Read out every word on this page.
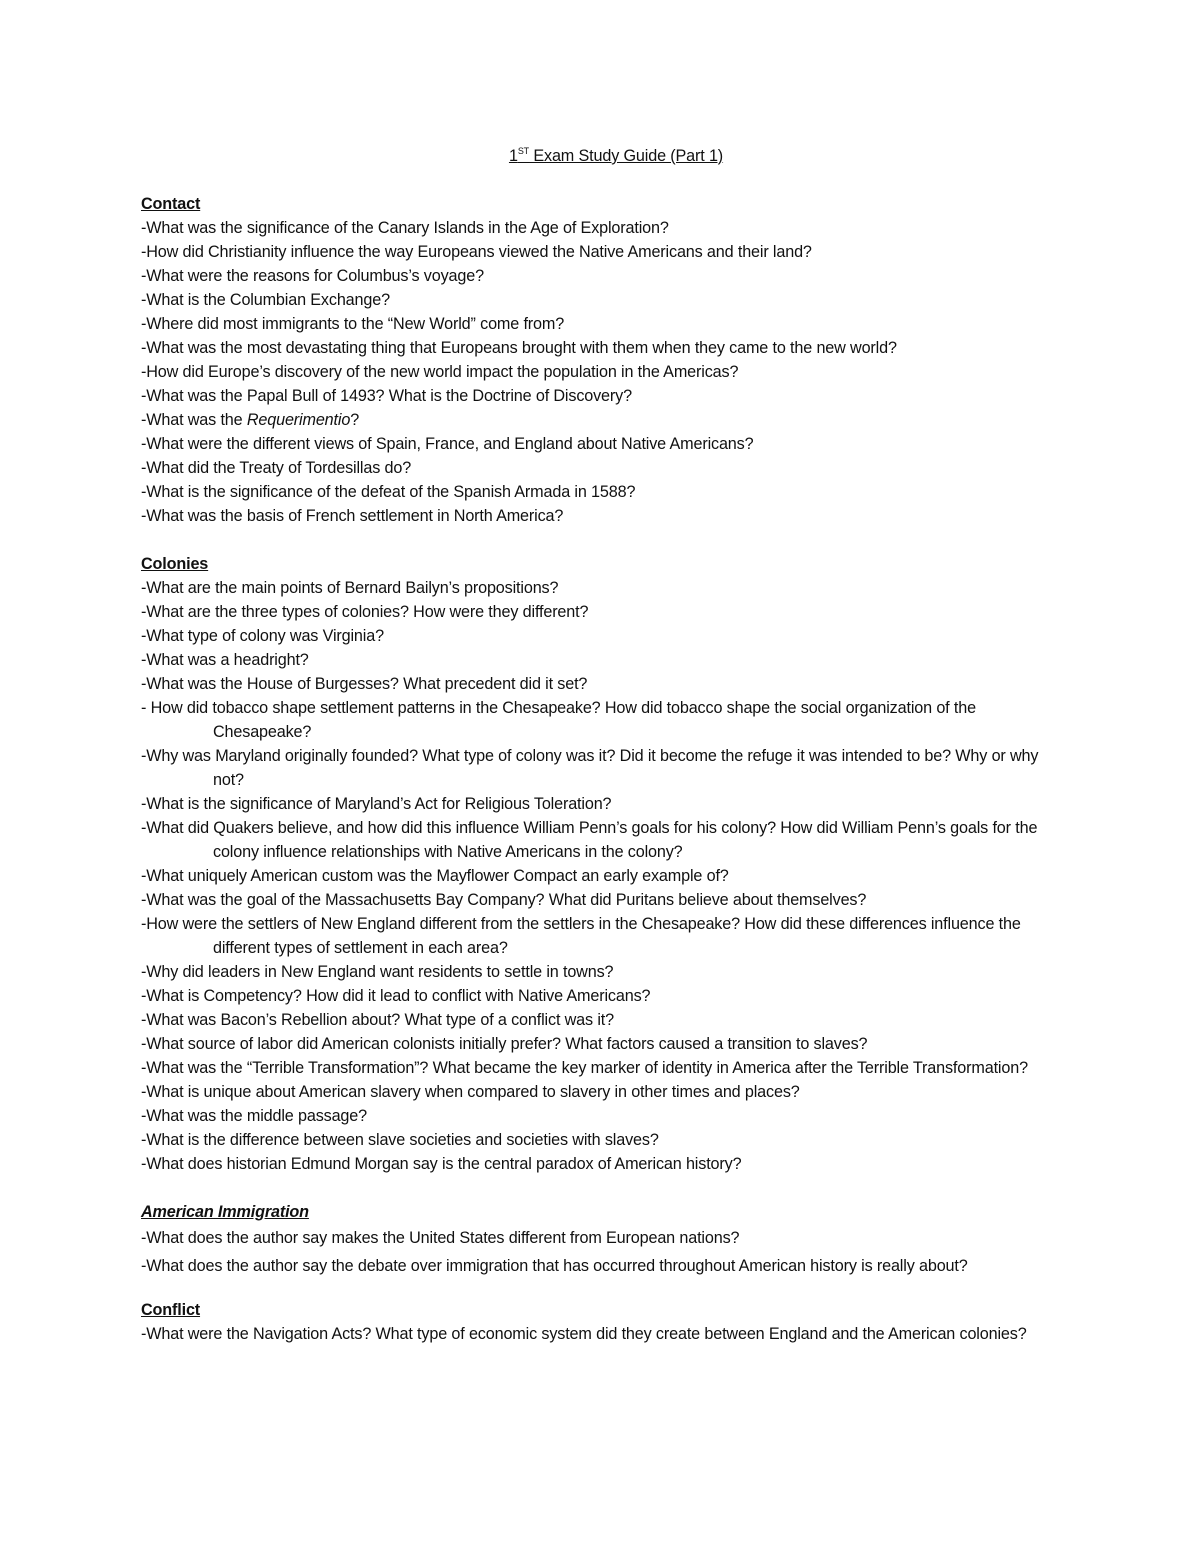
1ST Exam Study Guide (Part 1)

Contact

-What was the significance of the Canary Islands in the Age of Exploration?

-How did Christianity influence the way Europeans viewed the Native Americans and their land?

-What were the reasons for Columbus’s voyage?

-What is the Columbian Exchange?

-Where did most immigrants to the “New World” come from?

-What was the most devastating thing that Europeans brought with them when they came to the new world?

-How did Europe’s discovery of the new world impact the population in the Americas?

-What was the Papal Bull of 1493? What is the Doctrine of Discovery?

-What was the Requerimentio?

-What were the different views of Spain, France, and England about Native Americans?

-What did the Treaty of Tordesillas do?

-What is the significance of the defeat of the Spanish Armada in 1588?

-What was the basis of French settlement in North America?

Colonies

-What are the main points of Bernard Bailyn’s propositions?

-What are the three types of colonies? How were they different?

-What type of colony was Virginia?

-What was a headright?

-What was the House of Burgesses? What precedent did it set?

- How did tobacco shape settlement patterns in the Chesapeake? How did tobacco shape the social organization of the Chesapeake?

-Why was Maryland originally founded? What type of colony was it? Did it become the refuge it was intended to be? Why or why not?

-What is the significance of Maryland’s Act for Religious Toleration?

-What did Quakers believe, and how did this influence William Penn’s goals for his colony? How did William Penn’s goals for the colony influence relationships with Native Americans in the colony?

-What uniquely American custom was the Mayflower Compact an early example of?

-What was the goal of the Massachusetts Bay Company? What did Puritans believe about themselves?

-How were the settlers of New England different from the settlers in the Chesapeake? How did these differences influence the different types of settlement in each area?

-Why did leaders in New England want residents to settle in towns?

-What is Competency? How did it lead to conflict with Native Americans?

-What was Bacon’s Rebellion about? What type of a conflict was it?

-What source of labor did American colonists initially prefer? What factors caused a transition to slaves?

-What was the “Terrible Transformation”? What became the key marker of identity in America after the Terrible Transformation?

-What is unique about American slavery when compared to slavery in other times and places?

-What was the middle passage?

-What is the difference between slave societies and societies with slaves?

-What does historian Edmund Morgan say is the central paradox of American history?

American Immigration

-What does the author say makes the United States different from European nations?

-What does the author say the debate over immigration that has occurred throughout American history is really about?

Conflict

-What were the Navigation Acts? What type of economic system did they create between England and the American colonies?
